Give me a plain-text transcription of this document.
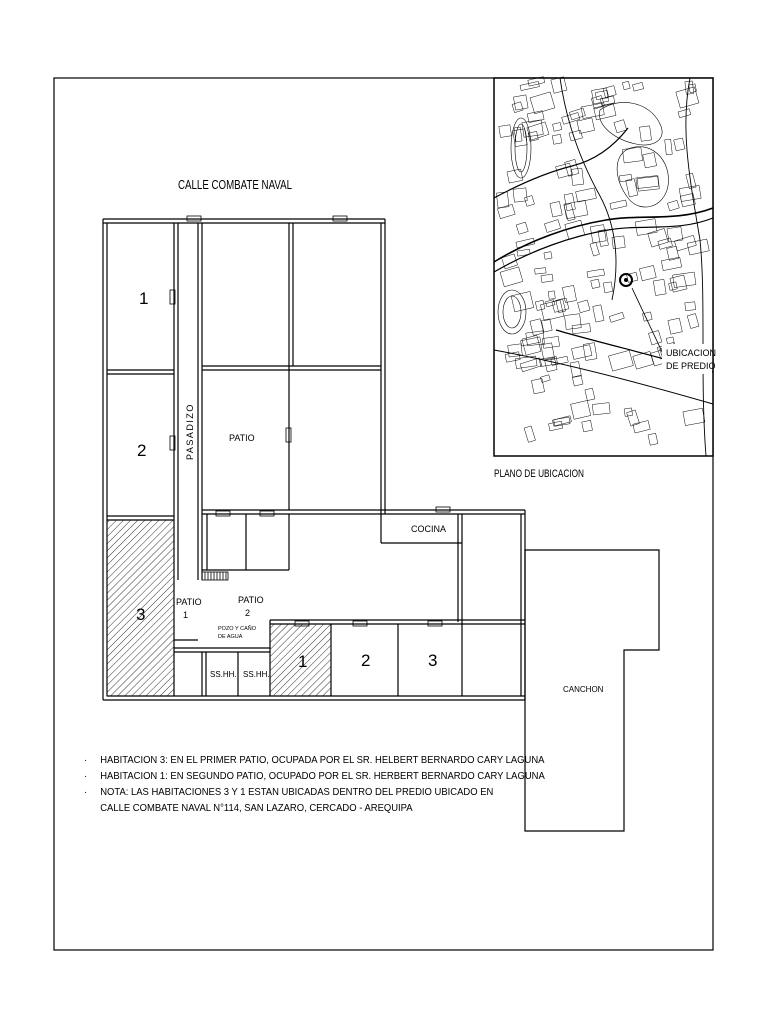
UBICACION
DE PREDIO
PLANO DE UBICACION
CALLE COMBATE NAVAL
1
2
3
1	2	3
PASADIZO	PATIO
COCINA
PATIO
1
PATIO
2
POZO Y CAÑO
DE AGUA
SS.HH. SS.HH.
CANCHON
· HABITACION 3: EN EL PRIMER PATIO, OCUPADA POR EL SR. HELBERT BERNARDO CARY LAGUNA
· HABITACION 1: EN SEGUNDO PATIO, OCUPADO POR EL SR. HERBERT BERNARDO CARY LAGUNA
· NOTA: LAS HABITACIONES 3 Y 1 ESTAN UBICADAS DENTRO DEL PREDIO UBICADO EN
CALLE COMBATE NAVAL N°114, SAN LAZARO, CERCADO - AREQUIPA
